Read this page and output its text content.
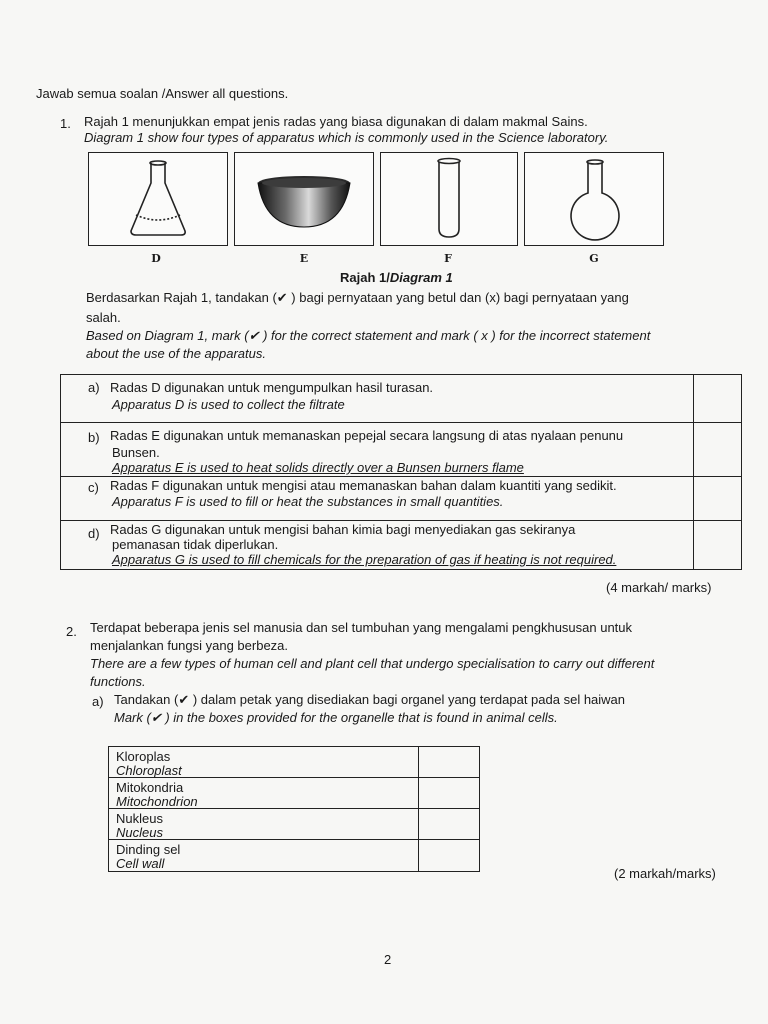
Jawab semua soalan /Answer all questions.
1. Rajah 1 menunjukkan empat jenis radas yang biasa digunakan di dalam makmal Sains.
Diagram 1 show four types of apparatus which is commonly used in the Science laboratory.
D	E	F	G
Rajah 1/Diagram 1
Berdasarkan Rajah 1, tandakan (✔ ) bagi pernyataan yang betul dan (x) bagi pernyataan yang
salah.
Based on Diagram 1, mark (✔ ) for the correct statement and mark ( x ) for the incorrect statement
about the use of the apparatus.
a) Radas D digunakan untuk mengumpulkan hasil turasan.
Apparatus D is used to collect the filtrate
b) Radas E digunakan untuk memanaskan pepejal secara langsung di atas nyalaan penunu
Bunsen.
Apparatus E is used to heat solids directly over a Bunsen burners flame
c) Radas F digunakan untuk mengisi atau memanaskan bahan dalam kuantiti yang sedikit.
Apparatus F is used to fill or heat the substances in small quantities.
d) Radas G digunakan untuk mengisi bahan kimia bagi menyediakan gas sekiranya
pemanasan tidak diperlukan.
Apparatus G is used to fill chemicals for the preparation of gas if heating is not required.
(4 markah/ marks)
2. Terdapat beberapa jenis sel manusia dan sel tumbuhan yang mengalami pengkhususan untuk
menjalankan fungsi yang berbeza.
There are a few types of human cell and plant cell that undergo specialisation to carry out different
functions.
a) Tandakan (✔ ) dalam petak yang disediakan bagi organel yang terdapat pada sel haiwan
Mark (✔ ) in the boxes provided for the organelle that is found in animal cells.
Kloroplas
Chloroplast
Mitokondria
Mitochondrion
Nukleus
Nucleus
Dinding sel
Cell wall
(2 markah/marks)
2
